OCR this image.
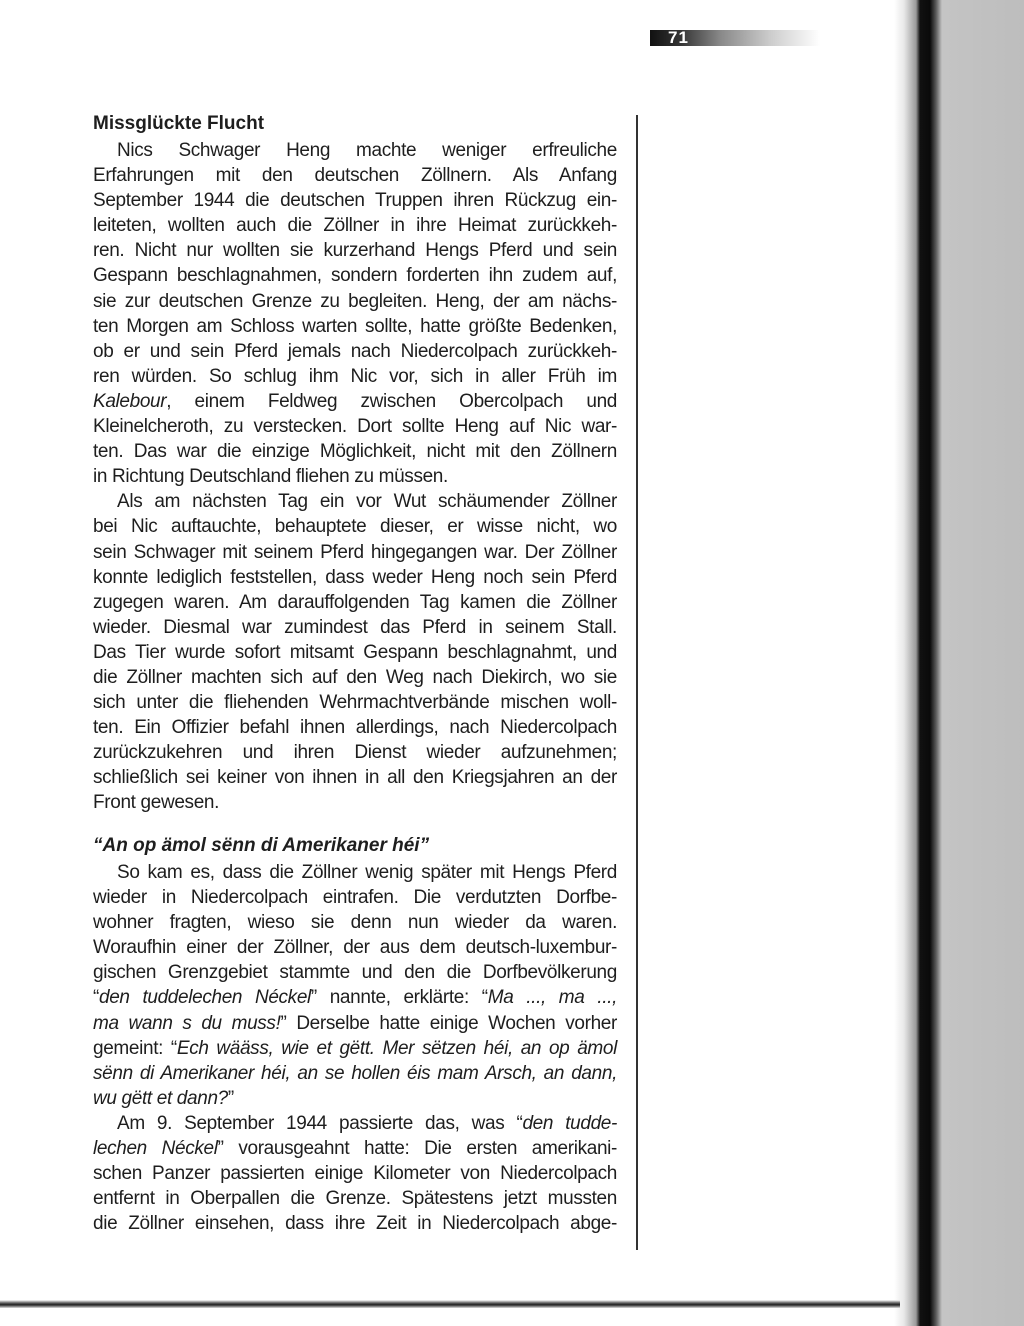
71
Missglückte Flucht
Nics Schwager Heng machte weniger erfreuliche
Erfahrungen mit den deutschen Zöllnern. Als Anfang
September 1944 die deutschen Truppen ihren Rückzug ein-
leiteten, wollten auch die Zöllner in ihre Heimat zurückkeh-
ren. Nicht nur wollten sie kurzerhand Hengs Pferd und sein
Gespann beschlagnahmen, sondern forderten ihn zudem auf,
sie zur deutschen Grenze zu begleiten. Heng, der am nächs-
ten Morgen am Schloss warten sollte, hatte größte Bedenken,
ob er und sein Pferd jemals nach Niedercolpach zurückkeh-
ren würden. So schlug ihm Nic vor, sich in aller Früh im
Kalebour, einem Feldweg zwischen Obercolpach und
Kleinelcheroth, zu verstecken. Dort sollte Heng auf Nic war-
ten. Das war die einzige Möglichkeit, nicht mit den Zöllnern
in Richtung Deutschland fliehen zu müssen.
Als am nächsten Tag ein vor Wut schäumender Zöllner
bei Nic auftauchte, behauptete dieser, er wisse nicht, wo
sein Schwager mit seinem Pferd hingegangen war. Der Zöllner
konnte lediglich feststellen, dass weder Heng noch sein Pferd
zugegen waren. Am darauffolgenden Tag kamen die Zöllner
wieder. Diesmal war zumindest das Pferd in seinem Stall.
Das Tier wurde sofort mitsamt Gespann beschlagnahmt, und
die Zöllner machten sich auf den Weg nach Diekirch, wo sie
sich unter die fliehenden Wehrmachtverbände mischen woll-
ten. Ein Offizier befahl ihnen allerdings, nach Niedercolpach
zurückzukehren und ihren Dienst wieder aufzunehmen;
schließlich sei keiner von ihnen in all den Kriegsjahren an der
Front gewesen.
“An op ämol sënn di Amerikaner héi”
So kam es, dass die Zöllner wenig später mit Hengs Pferd
wieder in Niedercolpach eintrafen. Die verdutzten Dorfbe-
wohner fragten, wieso sie denn nun wieder da waren.
Woraufhin einer der Zöllner, der aus dem deutsch-luxembur-
gischen Grenzgebiet stammte und den die Dorfbevölkerung
“den tuddelechen Néckel” nannte, erklärte: “Ma ..., ma ...,
ma wann s du muss!” Derselbe hatte einige Wochen vorher
gemeint: “Ech wääss, wie et gëtt. Mer sëtzen héi, an op ämol
sënn di Amerikaner héi, an se hollen éis mam Arsch, an dann,
wu gëtt et dann?”
Am 9. September 1944 passierte das, was “den tudde-
lechen Néckel” vorausgeahnt hatte: Die ersten amerikani-
schen Panzer passierten einige Kilometer von Niedercolpach
entfernt in Oberpallen die Grenze. Spätestens jetzt mussten
die Zöllner einsehen, dass ihre Zeit in Niedercolpach abge-
